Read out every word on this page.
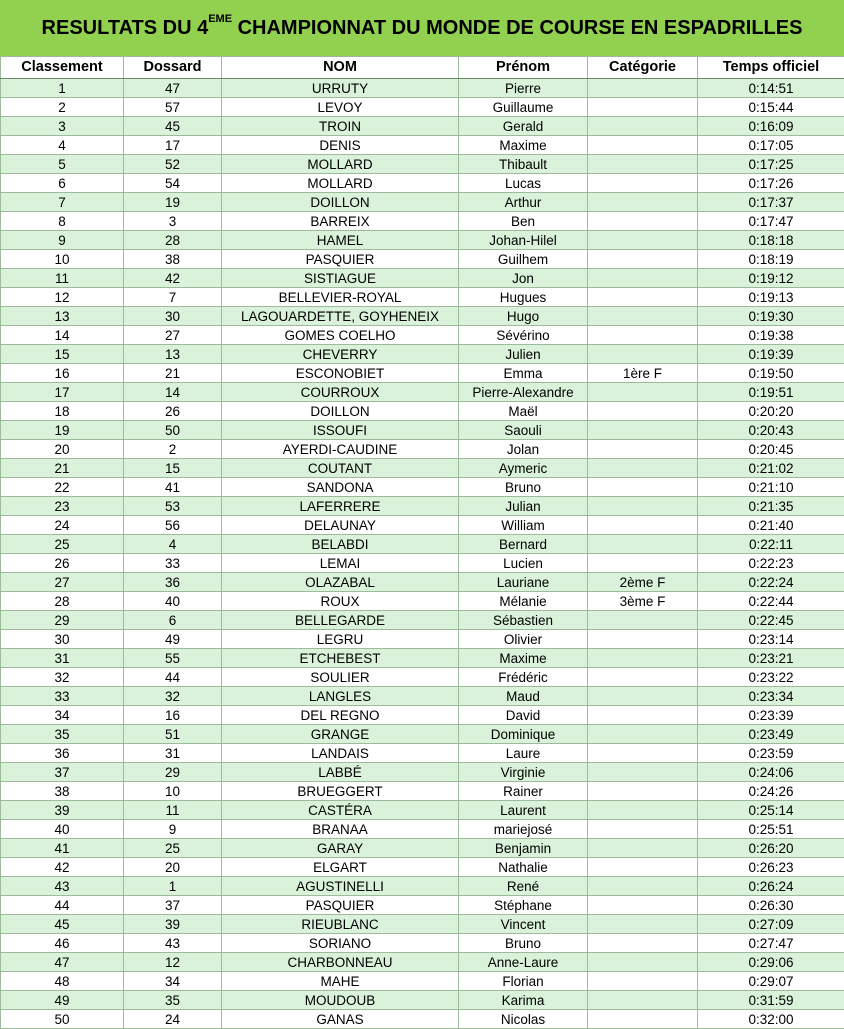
RESULTATS DU 4EME CHAMPIONNAT DU MONDE DE COURSE EN ESPADRILLES
Classement	Dossard	NOM	Prénom	Catégorie	Temps officiel
1	47	URRUTY	Pierre		0:14:51
2	57	LEVOY	Guillaume		0:15:44
3	45	TROIN	Gerald		0:16:09
4	17	DENIS	Maxime		0:17:05
5	52	MOLLARD	Thibault		0:17:25
6	54	MOLLARD	Lucas		0:17:26
7	19	DOILLON	Arthur		0:17:37
8	3	BARREIX	Ben		0:17:47
9	28	HAMEL	Johan-Hilel		0:18:18
10	38	PASQUIER	Guilhem		0:18:19
11	42	SISTIAGUE	Jon		0:19:12
12	7	BELLEVIER-ROYAL	Hugues		0:19:13
13	30	LAGOUARDETTE, GOYHENEIX	Hugo		0:19:30
14	27	GOMES COELHO	Sévérino		0:19:38
15	13	CHEVERRY	Julien		0:19:39
16	21	ESCONOBIET	Emma	1ère F	0:19:50
17	14	COURROUX	Pierre-Alexandre		0:19:51
18	26	DOILLON	Maël		0:20:20
19	50	ISSOUFI	Saouli		0:20:43
20	2	AYERDI-CAUDINE	Jolan		0:20:45
21	15	COUTANT	Aymeric		0:21:02
22	41	SANDONA	Bruno		0:21:10
23	53	LAFERRERE	Julian		0:21:35
24	56	DELAUNAY	William		0:21:40
25	4	BELABDI	Bernard		0:22:11
26	33	LEMAI	Lucien		0:22:23
27	36	OLAZABAL	Lauriane	2ème F	0:22:24
28	40	ROUX	Mélanie	3ème F	0:22:44
29	6	BELLEGARDE	Sébastien		0:22:45
30	49	LEGRU	Olivier		0:23:14
31	55	ETCHEBEST	Maxime		0:23:21
32	44	SOULIER	Frédéric		0:23:22
33	32	LANGLES	Maud		0:23:34
34	16	DEL REGNO	David		0:23:39
35	51	GRANGE	Dominique		0:23:49
36	31	LANDAIS	Laure		0:23:59
37	29	LABBÉ	Virginie		0:24:06
38	10	BRUEGGERT	Rainer		0:24:26
39	11	CASTÉRA	Laurent		0:25:14
40	9	BRANAA	mariejosé		0:25:51
41	25	GARAY	Benjamin		0:26:20
42	20	ELGART	Nathalie		0:26:23
43	1	AGUSTINELLI	René		0:26:24
44	37	PASQUIER	Stéphane		0:26:30
45	39	RIEUBLANC	Vincent		0:27:09
46	43	SORIANO	Bruno		0:27:47
47	12	CHARBONNEAU	Anne-Laure		0:29:06
48	34	MAHE	Florian		0:29:07
49	35	MOUDOUB	Karima		0:31:59
50	24	GANAS	Nicolas		0:32:00
